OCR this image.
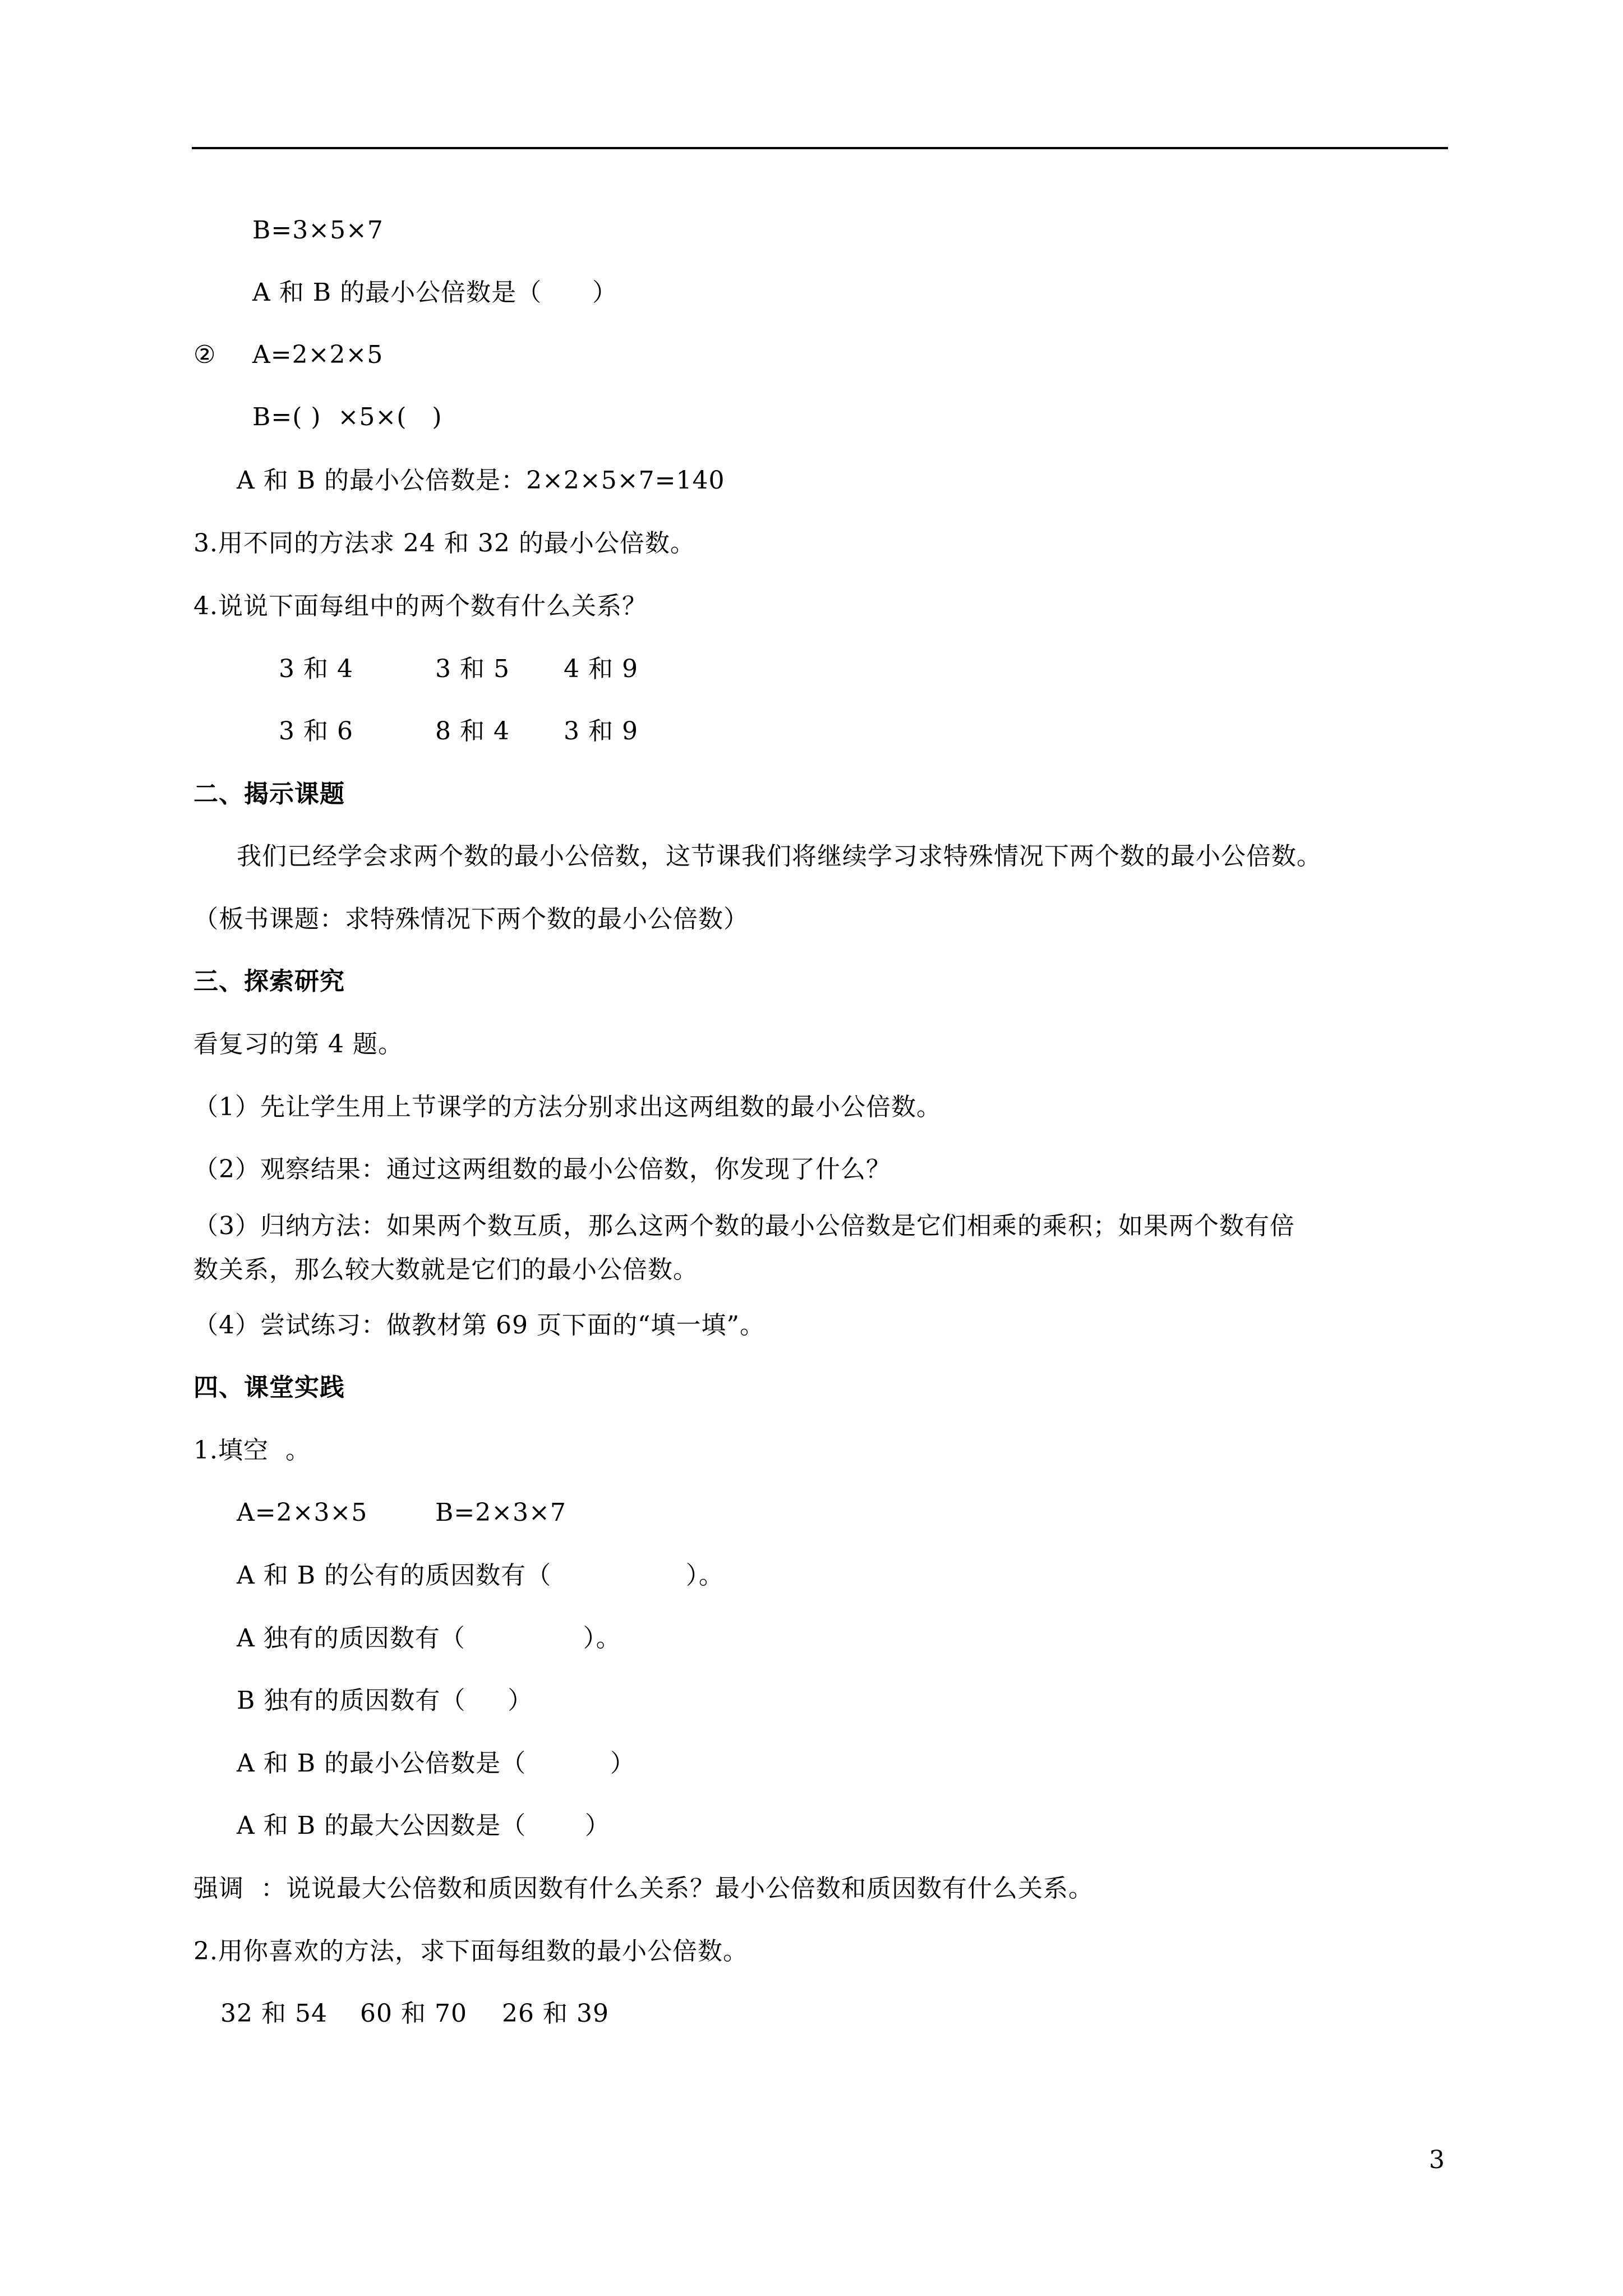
B=3×5×7
A 和 B 的最小公倍数是（      ）
② A=2×2×5
B=( )  ×5×(   )
A 和 B 的最小公倍数是：2×2×5×7=140
3.用不同的方法求 24 和 32 的最小公倍数。
4.说说下面每组中的两个数有什么关系？
3 和 4	3 和 5 4 和 9
3 和 6	8 和 4 3 和 9
二、揭示课题
我们已经学会求两个数的最小公倍数，这节课我们将继续学习求特殊情况下两个数的最小公倍数。
（板书课题：求特殊情况下两个数的最小公倍数）
三、探索研究
看复习的第 4 题。
（1）先让学生用上节课学的方法分别求出这两组数的最小公倍数。
（2）观察结果：通过这两组数的最小公倍数，你发现了什么？
（3）归纳方法：如果两个数互质，那么这两个数的最小公倍数是它们相乘的乘积；如果两个数有倍
数关系，那么较大数就是它们的最小公倍数。
（4）尝试练习：做教材第 69 页下面的“填一填”。
四、课堂实践
1.填空  。
A=2×3×5	B=2×3×7
A 和 B 的公有的质因数有（                ）。
A 独有的质因数有（              ）。
B 独有的质因数有（     ）
A 和 B 的最小公倍数是（          ）
A 和 B 的最大公因数是（       ）
强调  ：说说最大公倍数和质因数有什么关系？最小公倍数和质因数有什么关系。
2.用你喜欢的方法，求下面每组数的最小公倍数。
32 和 54 60 和 70 26 和 39
3
